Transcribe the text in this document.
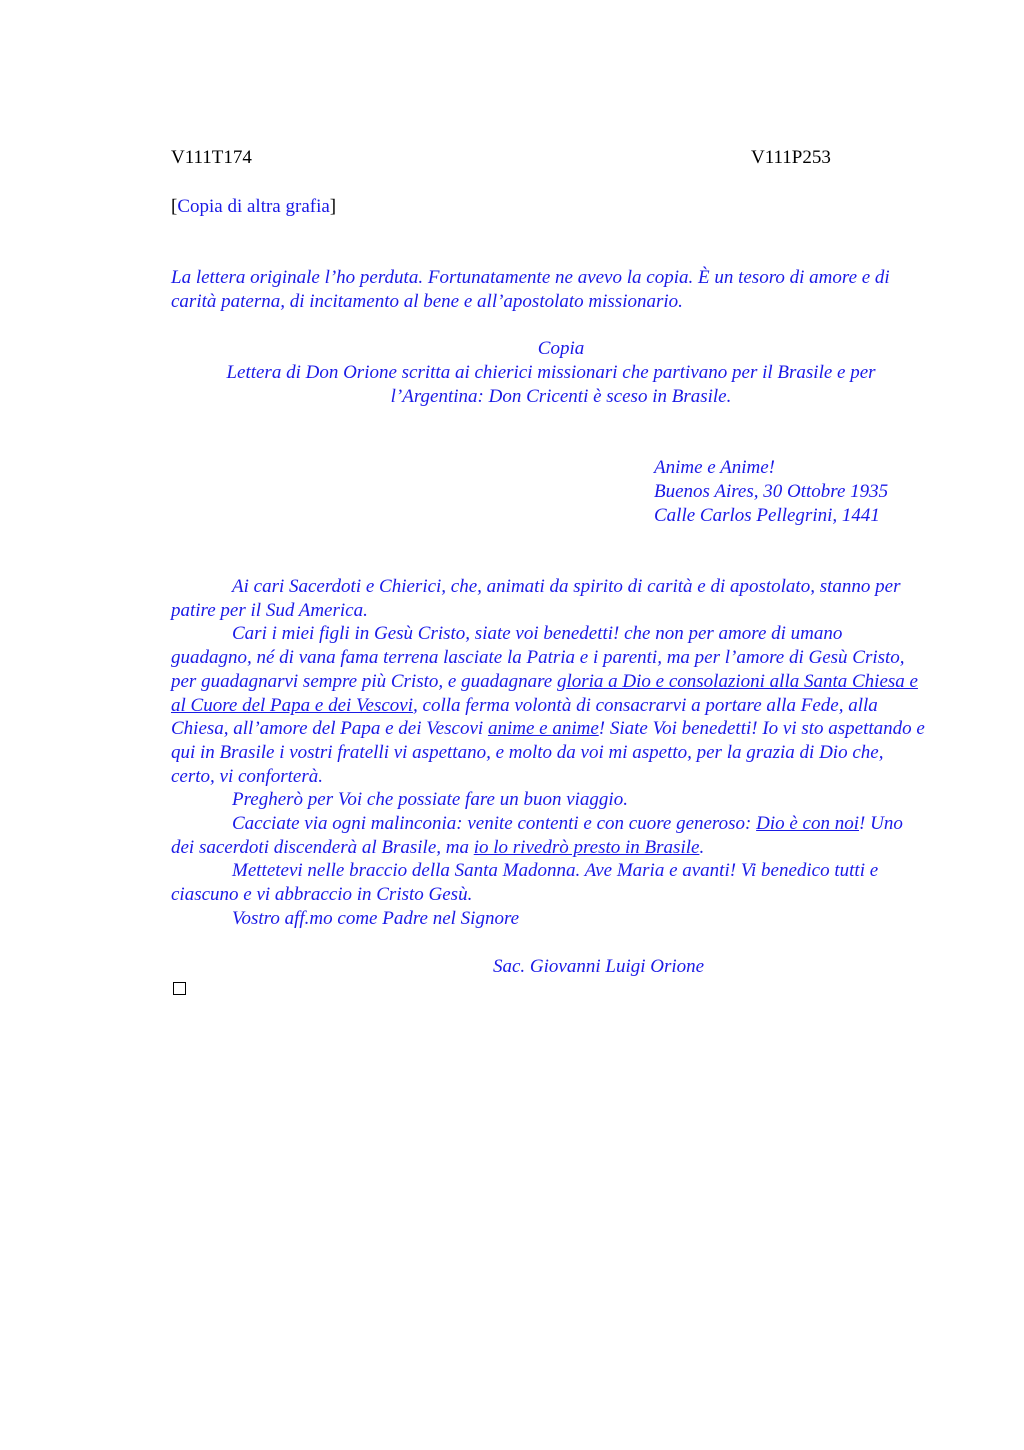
V111T174	V111P253
[Copia di altra grafia]

La lettera originale l’ho perduta. Fortunatamente ne avevo la copia. È un tesoro di amore e di carità paterna, di incitamento al bene e all’apostolato missionario.

Copia
Lettera di Don Orione scritta ai chierici missionari che partivano per il Brasile e per
l’Argentina: Don Cricenti è sceso in Brasile.
Anime e Anime!
Buenos Aires, 30 Ottobre 1935
Calle Carlos Pellegrini, 1441

Ai cari Sacerdoti e Chierici, che, animati da spirito di carità e di apostolato, stanno per patire per il Sud America.

Cari i miei figli in Gesù Cristo, siate voi benedetti! che non per amore di umano guadagno, né di vana fama terrena lasciate la Patria e i parenti, ma per l’amore di Gesù Cristo, per guadagnarvi sempre più Cristo, e guadagnare gloria a Dio e consolazioni alla Santa Chiesa e al Cuore del Papa e dei Vescovi, colla ferma volontà di consacrarvi a portare alla Fede, alla Chiesa, all’amore del Papa e dei Vescovi anime e anime! Siate Voi benedetti! Io vi sto aspettando e qui in Brasile i vostri fratelli vi aspettano, e molto da voi mi aspetto, per la grazia di Dio che, certo, vi conforterà.

Pregherò per Voi che possiate fare un buon viaggio.

Cacciate via ogni malinconia: venite contenti e con cuore generoso: Dio è con noi! Uno dei sacerdoti discenderà al Brasile, ma io lo rivedrò presto in Brasile.

Mettetevi nelle braccio della Santa Madonna. Ave Maria e avanti! Vi benedico tutti e ciascuno e vi abbraccio in Cristo Gesù.

Vostro aff.mo come Padre nel Signore

Sac. Giovanni Luigi Orione
